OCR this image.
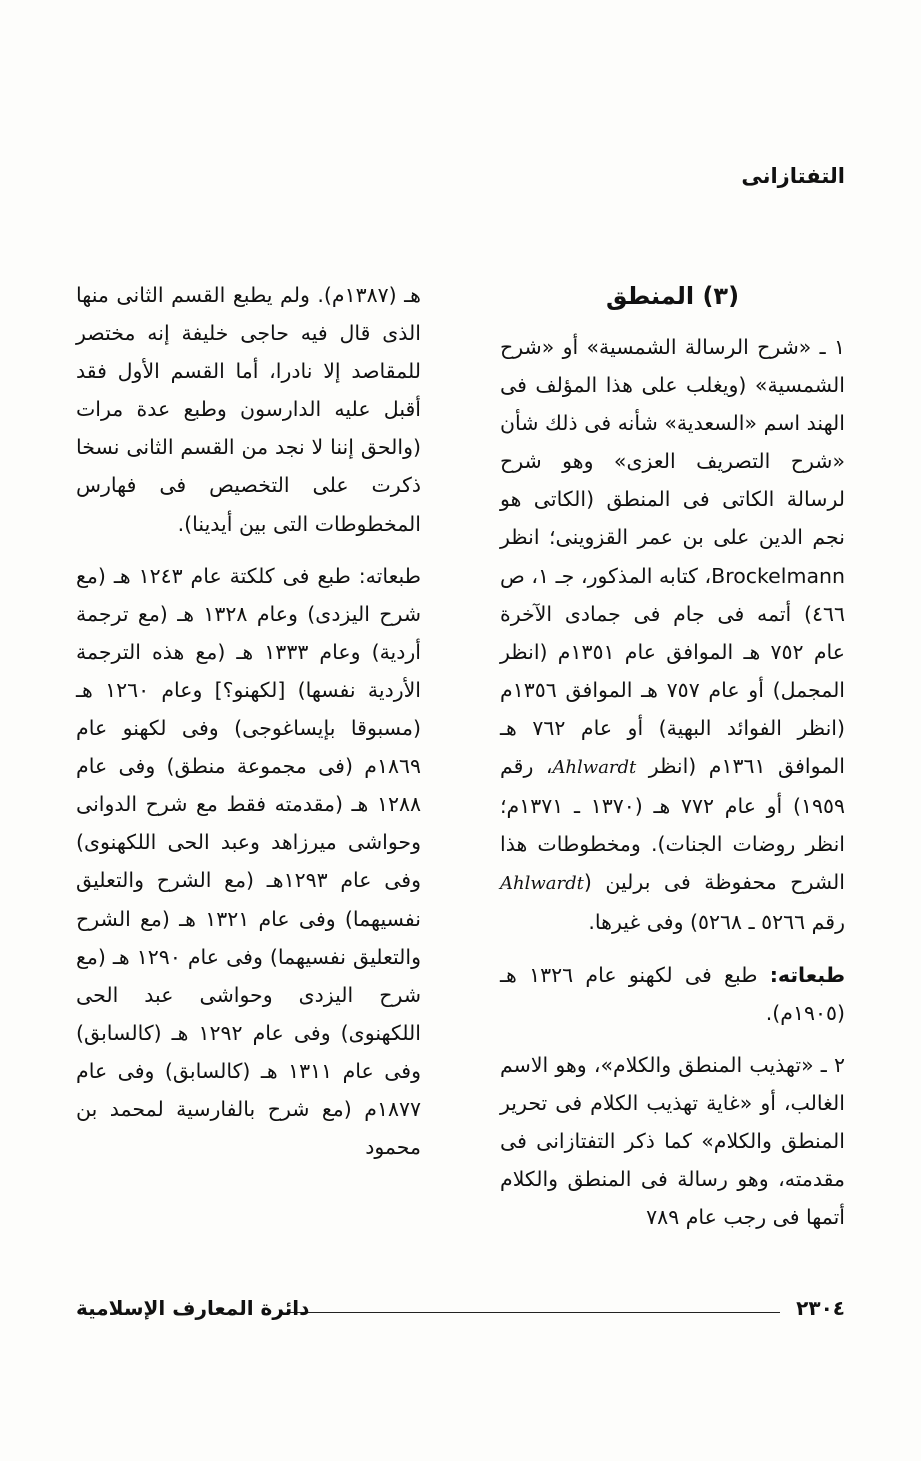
التفتازانى
(٣) المنطق

١ ـ «شرح الرسالة الشمسية» أو «شرح الشمسية» (ويغلب على هذا المؤلف فى الهند اسم «السعدية» شأنه فى ذلك شأن «شرح التصريف العزى» وهو شرح لرسالة الكاتى فى المنطق (الكاتى هو نجم الدين على بن عمر القزوينى؛ انظر Brockelmann، كتابه المذكور، جـ ١، ص ٤٦٦) أتمه فى جام فى جمادى الآخرة عام ٧٥٢ هـ الموافق عام ١٣٥١م (انظر المجمل) أو عام ٧٥٧ هـ الموافق ١٣٥٦م (انظر الفوائد البهية) أو عام ٧٦٢ هـ الموافق ١٣٦١م (انظر Ahlwardt، رقم ١٩٥٩) أو عام ٧٧٢ هـ (١٣٧٠ ـ ١٣٧١م؛ انظر روضات الجنات). ومخطوطات هذا الشرح محفوظة فى برلين (Ahlwardt رقم ٥٢٦٦ ـ ٥٢٦٨) وفى غيرها.

طبعاته: طبع فى لكهنو عام ١٣٢٦ هـ (١٩٠٥م).

٢ ـ «تهذيب المنطق والكلام»، وهو الاسم الغالب، أو «غاية تهذيب الكلام فى تحرير المنطق والكلام» كما ذكر التفتازانى فى مقدمته، وهو رسالة فى المنطق والكلام أتمها فى رجب عام ٧٨٩

هـ (١٣٨٧م). ولم يطبع القسم الثانى منها الذى قال فيه حاجى خليفة إنه مختصر للمقاصد إلا نادرا، أما القسم الأول فقد أقبل عليه الدارسون وطبع عدة مرات (والحق إننا لا نجد من القسم الثانى نسخا ذكرت على التخصيص فى فهارس المخطوطات التى بين أيدينا).

طبعاته: طبع فى كلكتة عام ١٢٤٣ هـ (مع شرح اليزدى) وعام ١٣٢٨ هـ (مع ترجمة أردية) وعام ١٣٣٣ هـ (مع هذه الترجمة الأردية نفسها) [لكهنو؟] وعام ١٢٦٠ هـ (مسبوقا بإيساغوجى) وفى لكهنو عام ١٨٦٩م (فى مجموعة منطق) وفى عام ١٢٨٨ هـ (مقدمته فقط مع شرح الدوانى وحواشى ميرزاهد وعبد الحى اللكهنوى) وفى عام ١٢٩٣هـ (مع الشرح والتعليق نفسيهما) وفى عام ١٣٢١ هـ (مع الشرح والتعليق نفسيهما) وفى عام ١٢٩٠ هـ (مع شرح اليزدى وحواشى عبد الحى اللكهنوى) وفى عام ١٢٩٢ هـ (كالسابق) وفى عام ١٣١١ هـ (كالسابق) وفى عام ١٨٧٧م (مع شرح بالفارسية لمحمد بن محمود

٢٣٠٤
دائرة المعارف الإسلامية
